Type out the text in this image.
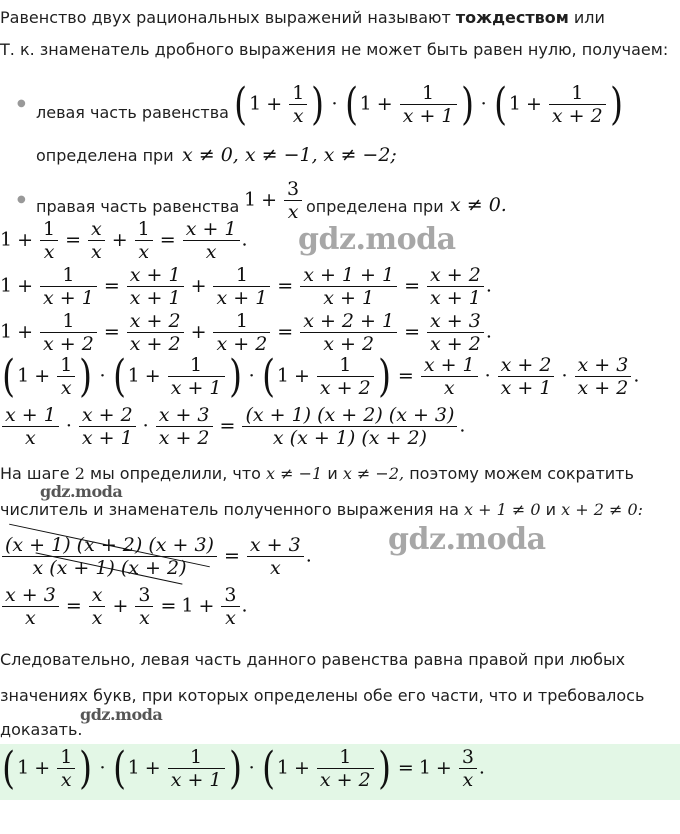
Равенство двух рациональных выражений называют тождеством или
Т. к. знаменатель дробного выражения не может быть равен нулю, получаем:
● левая часть равенства ( $1 + \frac{1}{x}$ ) · ( $1 + \frac{1}{x + 1}$ ) · ( $1 + \frac{1}{x + 2}$ )
определена при x ≠ 0, x ≠ −1, x ≠ −2;
● правая часть равенства $1 + \frac{3}{x}$ определена при x ≠ 0.
$1 + \frac{1}{x} = \frac{x}{x} + \frac{1}{x} = \frac{x + 1}{x}$ .
$1 + \frac{1}{x + 1} = \frac{x + 1}{x + 1} + \frac{1}{x + 1} = \frac{x + 1 + 1}{x + 1} = \frac{x + 2}{x + 1}$ .
$1 + \frac{1}{x + 2} = \frac{x + 2}{x + 2} + \frac{1}{x + 2} = \frac{x + 2 + 1}{x + 2} = \frac{x + 3}{x + 2}$ .
( $1 + \frac{1}{x}$ ) · ( $1 + \frac{1}{x + 1}$ ) · ( $1 + \frac{1}{x + 2}$ ) = $\frac{x + 1}{x} \cdot \frac{x + 2}{x + 1} \cdot \frac{x + 3}{x + 2}$ .
$\frac{x + 1}{x} \cdot \frac{x + 2}{x + 1} \cdot \frac{x + 3}{x + 2} = \frac{(x + 1) (x + 2) (x + 3)}{x (x + 1) (x + 2)}$ .
На шаге 2 мы определили, что x ≠ −1 и x ≠ −2, поэтому можем сократить
числитель и знаменатель полученного выражения на x + 1 ≠ 0 и x + 2 ≠ 0:
$\frac{(x + 1) (x + 2) (x + 3)}{x (x + 1) (x + 2)} = \frac{x + 3}{x}$ .
$\frac{x + 3}{x} = \frac{x}{x} + \frac{3}{x} = 1 + \frac{3}{x}$ .
Следовательно, левая часть данного равенства равна правой при любых
значениях букв, при которых определены обе его части, что и требовалось
доказать.
( $1 + \frac{1}{x}$ ) · ( $1 + \frac{1}{x + 1}$ ) · ( $1 + \frac{1}{x + 2}$ ) = $1 + \frac{3}{x}$ .
gdz.moda
gdz.moda
gdz.moda
gdz.moda
